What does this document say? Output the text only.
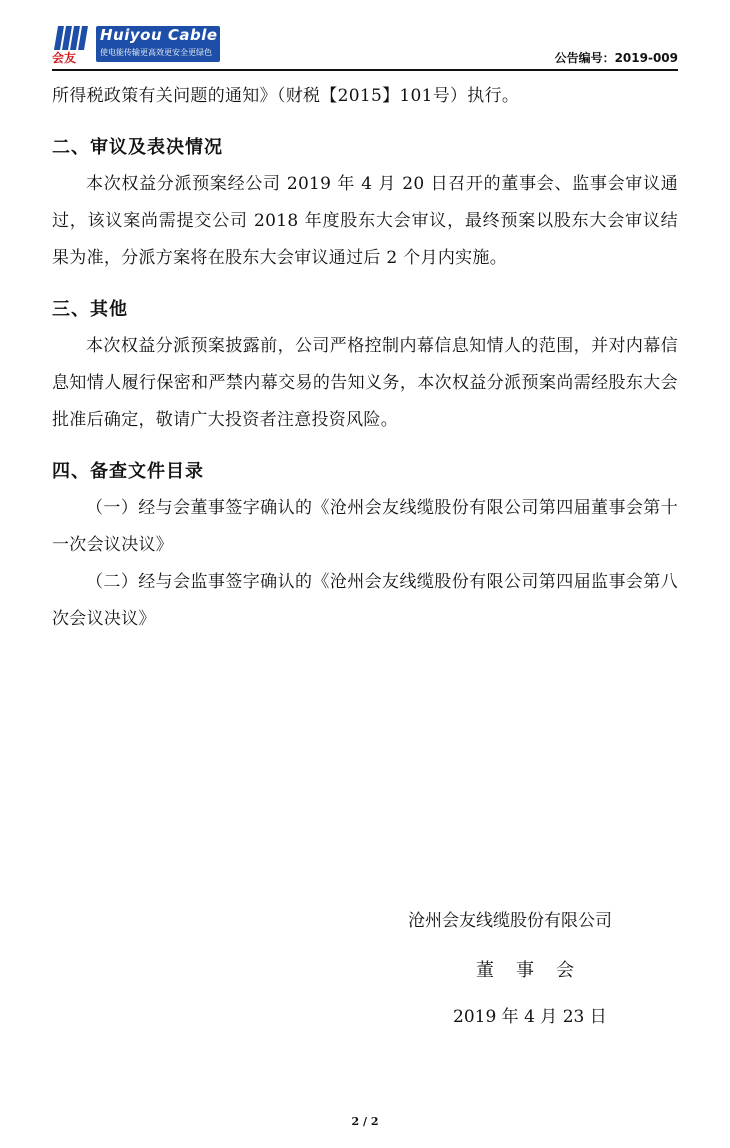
Huiyou Cable
使电能传输更高效更安全更绿色
会友	公告编号：2019-009

所得税政策有关问题的通知》（财税【2015】101号）执行。

二、审议及表决情况

本次权益分派预案经公司 2019 年 4 月 20 日召开的董事会、监事会审议通过，该议案尚需提交公司 2018 年度股东大会审议，最终预案以股东大会审议结果为准，分派方案将在股东大会审议通过后 2 个月内实施。

三、其他

本次权益分派预案披露前，公司严格控制内幕信息知情人的范围，并对内幕信息知情人履行保密和严禁内幕交易的告知义务，本次权益分派预案尚需经股东大会批准后确定，敬请广大投资者注意投资风险。

四、备查文件目录

（一）经与会董事签字确认的《沧州会友线缆股份有限公司第四届董事会第十一次会议决议》

（二）经与会监事签字确认的《沧州会友线缆股份有限公司第四届监事会第八次会议决议》

沧州会友线缆股份有限公司
董事会
2019 年 4 月 23 日
2 / 2
